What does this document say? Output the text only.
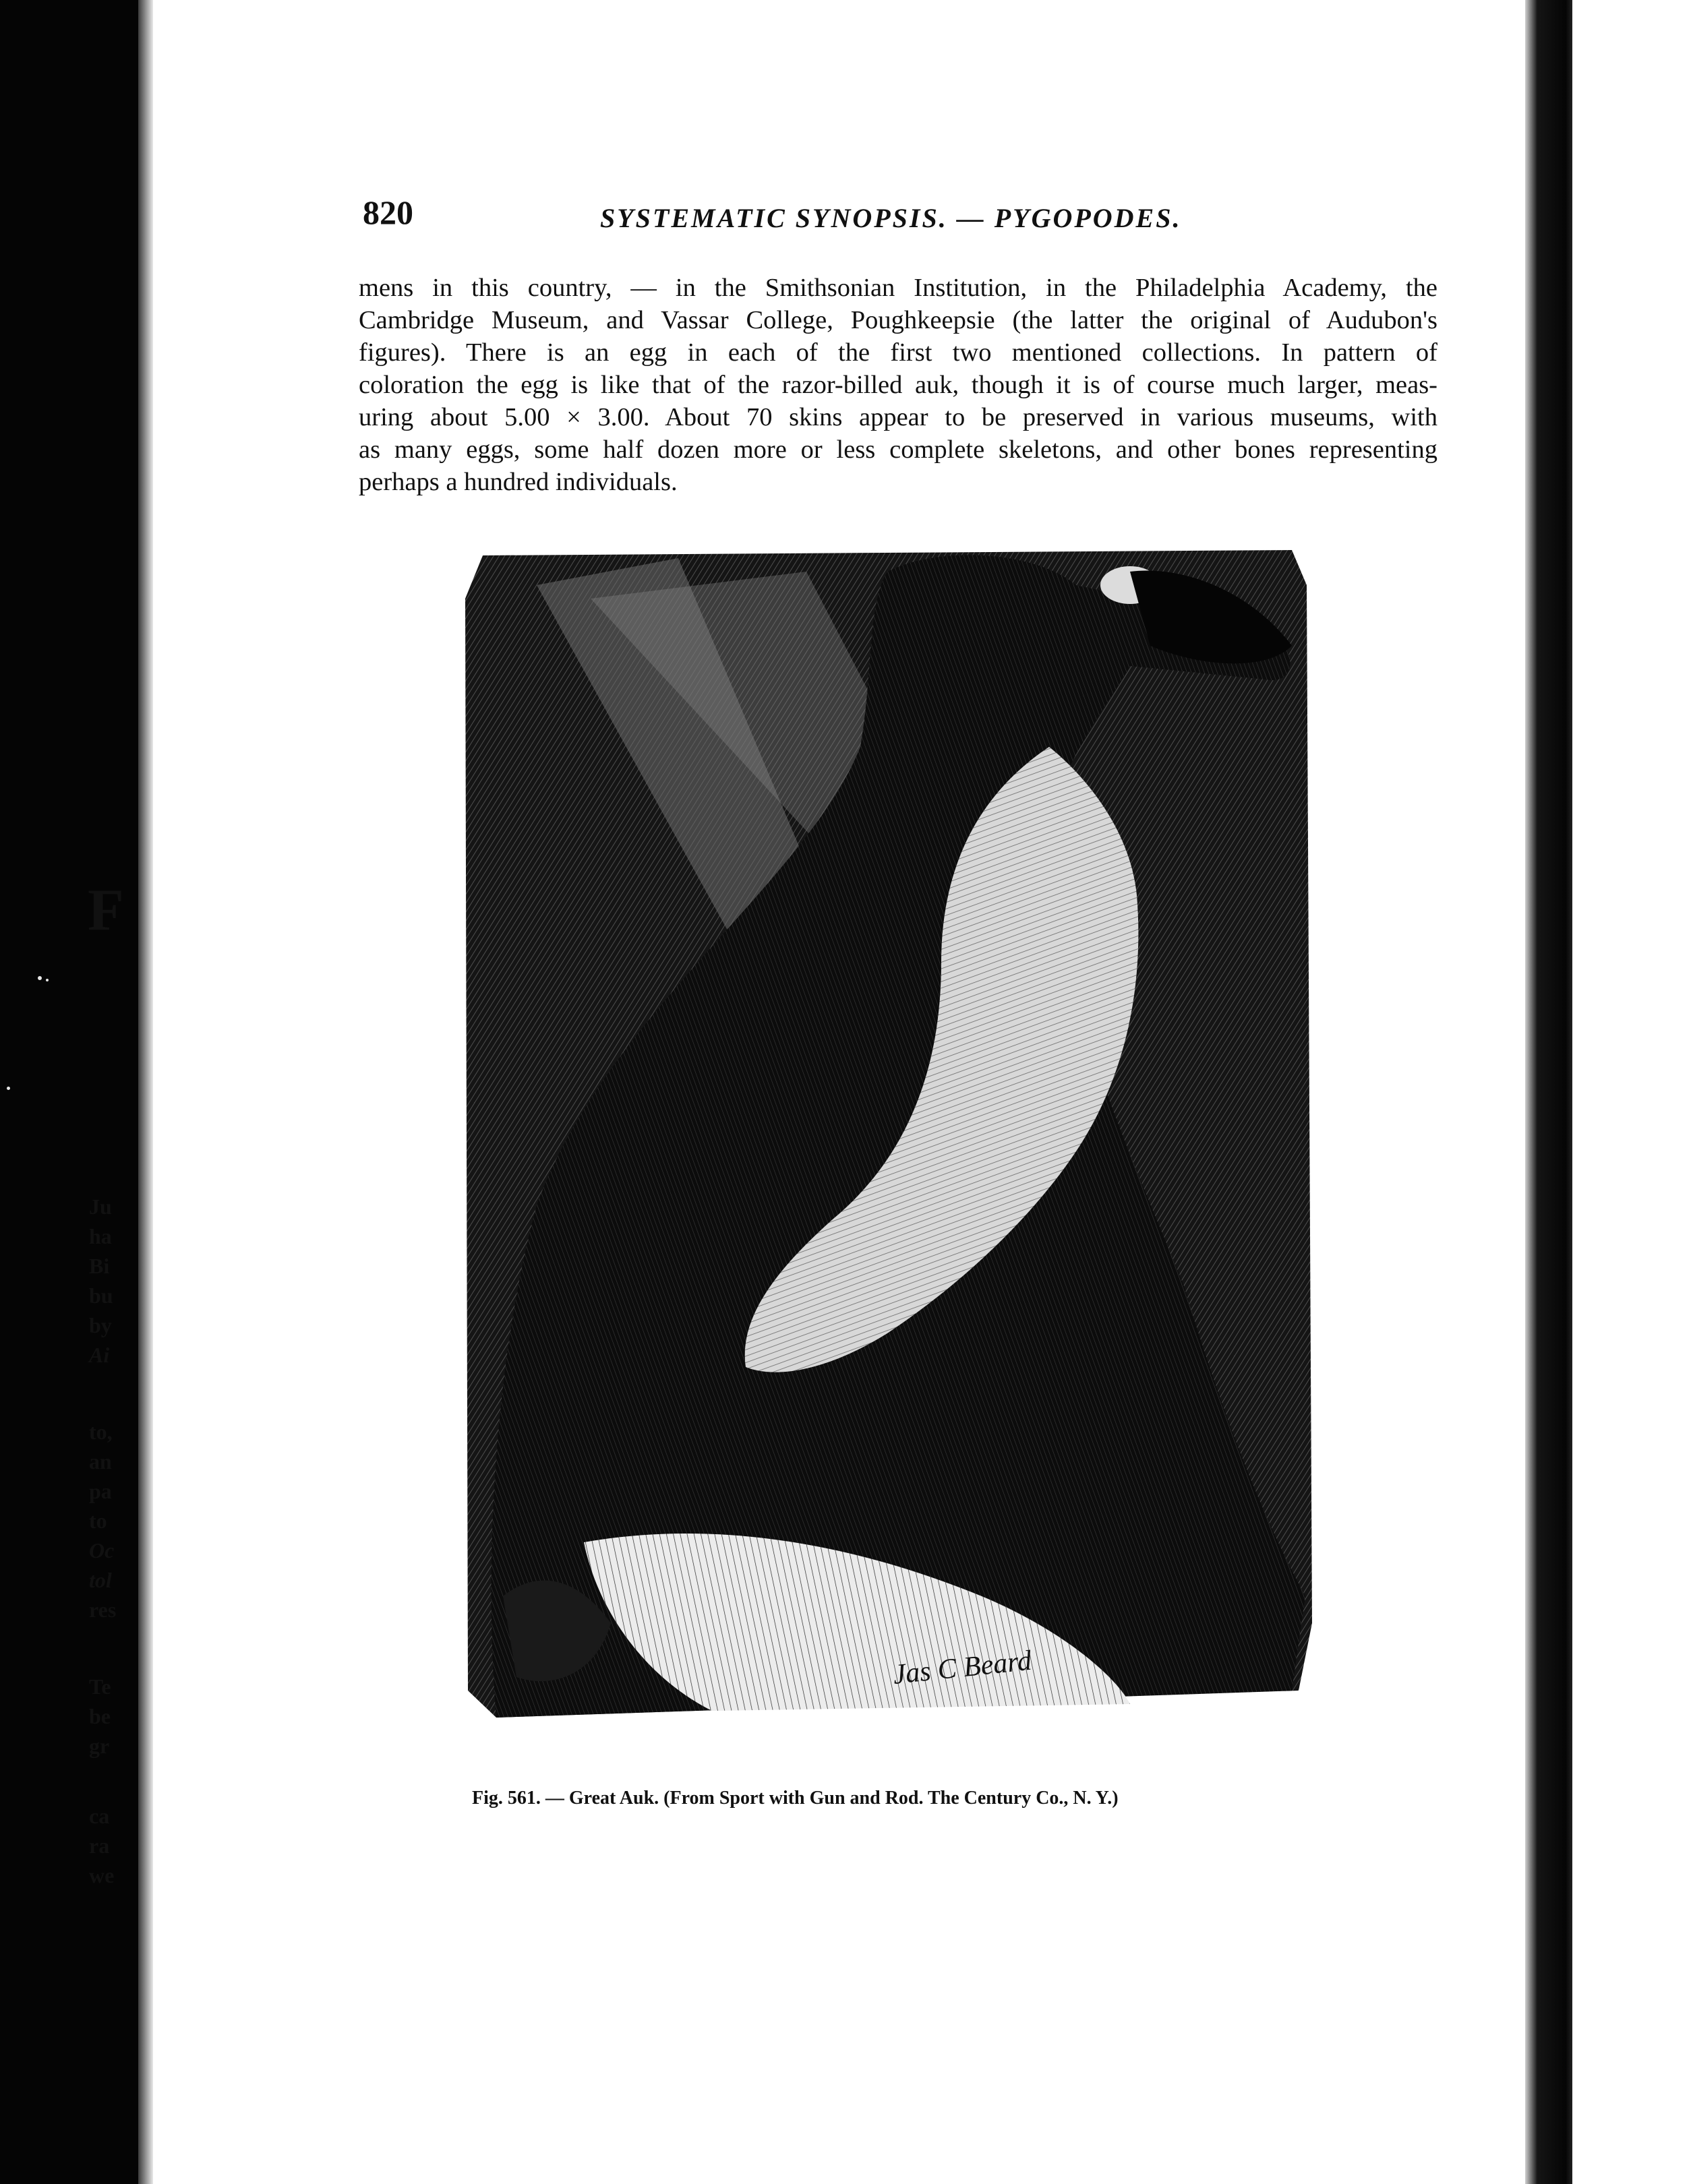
820	SYSTEMATIC SYNOPSIS. — PYGOPODES.
mens in this country, — in the Smithsonian Institution, in the Philadelphia Academy, the
Cambridge Museum, and Vassar College, Poughkeepsie (the latter the original of Audubon's
figures). There is an egg in each of the first two mentioned collections. In pattern of
coloration the egg is like that of the razor-billed auk, though it is of course much larger, meas-
uring about 5.00 × 3.00. About 70 skins appear to be preserved in various museums, with
as many eggs, some half dozen more or less complete skeletons, and other bones representing
perhaps a hundred individuals.
Jas C Beard
Fig. 561. — Great Auk. (From Sport with Gun and Rod. The Century Co., N. Y.)
F
Ju
ha
Bi
bu
by
Ai
to,
an
pa
to
Oc
tol
res
Te
be
gr
ca
ra
we
